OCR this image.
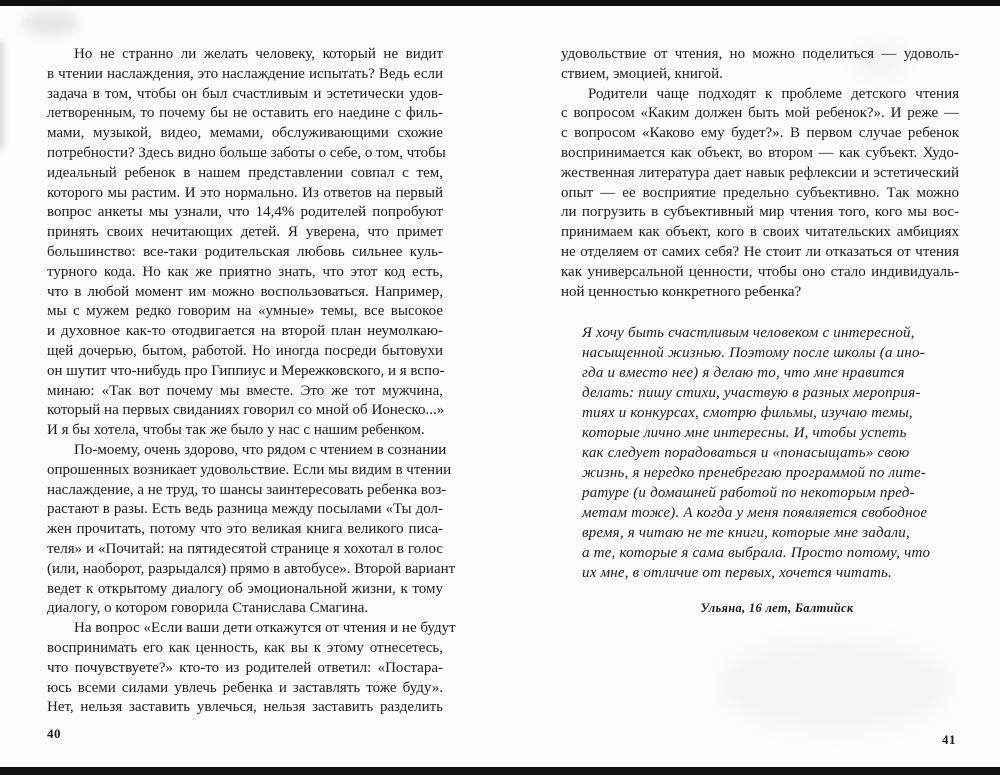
Но не странно ли желать человеку, который не видит
в чтении наслаждения, это наслаждение испытать? Ведь если
задача в том, чтобы он был счастливым и эстетически удов-
летворенным, то почему бы не оставить его наедине с филь-
мами, музыкой, видео, мемами, обслуживающими схожие
потребности? Здесь видно больше заботы о себе, о том, чтобы
идеальный ребенок в нашем представлении совпал с тем,
которого мы растим. И это нормально. Из ответов на первый
вопрос анкеты мы узнали, что 14,4% родителей попробуют
принять своих нечитающих детей. Я уверена, что примет
большинство: все-таки родительская любовь сильнее куль-
турного кода. Но как же приятно знать, что этот код есть,
что в любой момент им можно воспользоваться. Например,
мы с мужем редко говорим на «умные» темы, все высокое
и духовное как-то отодвигается на второй план неумолкаю-
щей дочерью, бытом, работой. Но иногда посреди бытовухи
он шутит что-нибудь про Гиппиус и Мережковского, и я вспо-
минаю: «Так вот почему мы вместе. Это же тот мужчина,
который на первых свиданиях говорил со мной об Ионеско...»
И я бы хотела, чтобы так же было у нас с нашим ребенком.
По-моему, очень здорово, что рядом с чтением в сознании
опрошенных возникает удовольствие. Если мы видим в чтении
наслаждение, а не труд, то шансы заинтересовать ребенка воз-
растают в разы. Есть ведь разница между посылами «Ты дол-
жен прочитать, потому что это великая книга великого писа-
теля» и «Почитай: на пятидесятой странице я хохотал в голос
(или, наоборот, разрыдался) прямо в автобусе». Второй вариант
ведет к открытому диалогу об эмоциональной жизни, к тому
диалогу, о котором говорила Станислава Смагина.
На вопрос «Если ваши дети откажутся от чтения и не будут
воспринимать его как ценность, как вы к этому отнесетесь,
что почувствуете?» кто-то из родителей ответил: «Постара-
юсь всеми силами увлечь ребенка и заставлять тоже буду».
Нет, нельзя заставить увлечься, нельзя заставить разделить
удовольствие от чтения, но можно поделиться — удоволь-
ствием, эмоцией, книгой.
Родители чаще подходят к проблеме детского чтения
с вопросом «Каким должен быть мой ребенок?». И реже —
с вопросом «Каково ему будет?». В первом случае ребенок
воспринимается как объект, во втором — как субъект. Худо-
жественная литература дает навык рефлексии и эстетический
опыт — ее восприятие предельно субъективно. Так можно
ли погрузить в субъективный мир чтения того, кого мы вос-
принимаем как объект, кого в своих читательских амбициях
не отделяем от самих себя? Не стоит ли отказаться от чтения
как универсальной ценности, чтобы оно стало индивидуаль-
ной ценностью конкретного ребенка?
Я хочу быть счастливым человеком с интересной,
насыщенной жизнью. Поэтому после школы (а ино-
гда и вместо нее) я делаю то, что мне нравится
делать: пишу стихи, участвую в разных мероприя-
тиях и конкурсах, смотрю фильмы, изучаю темы,
которые лично мне интересны. И, чтобы успеть
как следует порадоваться и «понасыщать» свою
жизнь, я нередко пренебрегаю программой по лите-
ратуре (и домашней работой по некоторым пред-
метам тоже). А когда у меня появляется свободное
время, я читаю не те книги, которые мне задали,
а те, которые я сама выбрала. Просто потому, что
их мне, в отличие от первых, хочется читать.
Ульяна, 16 лет, Балтийск
40	41
